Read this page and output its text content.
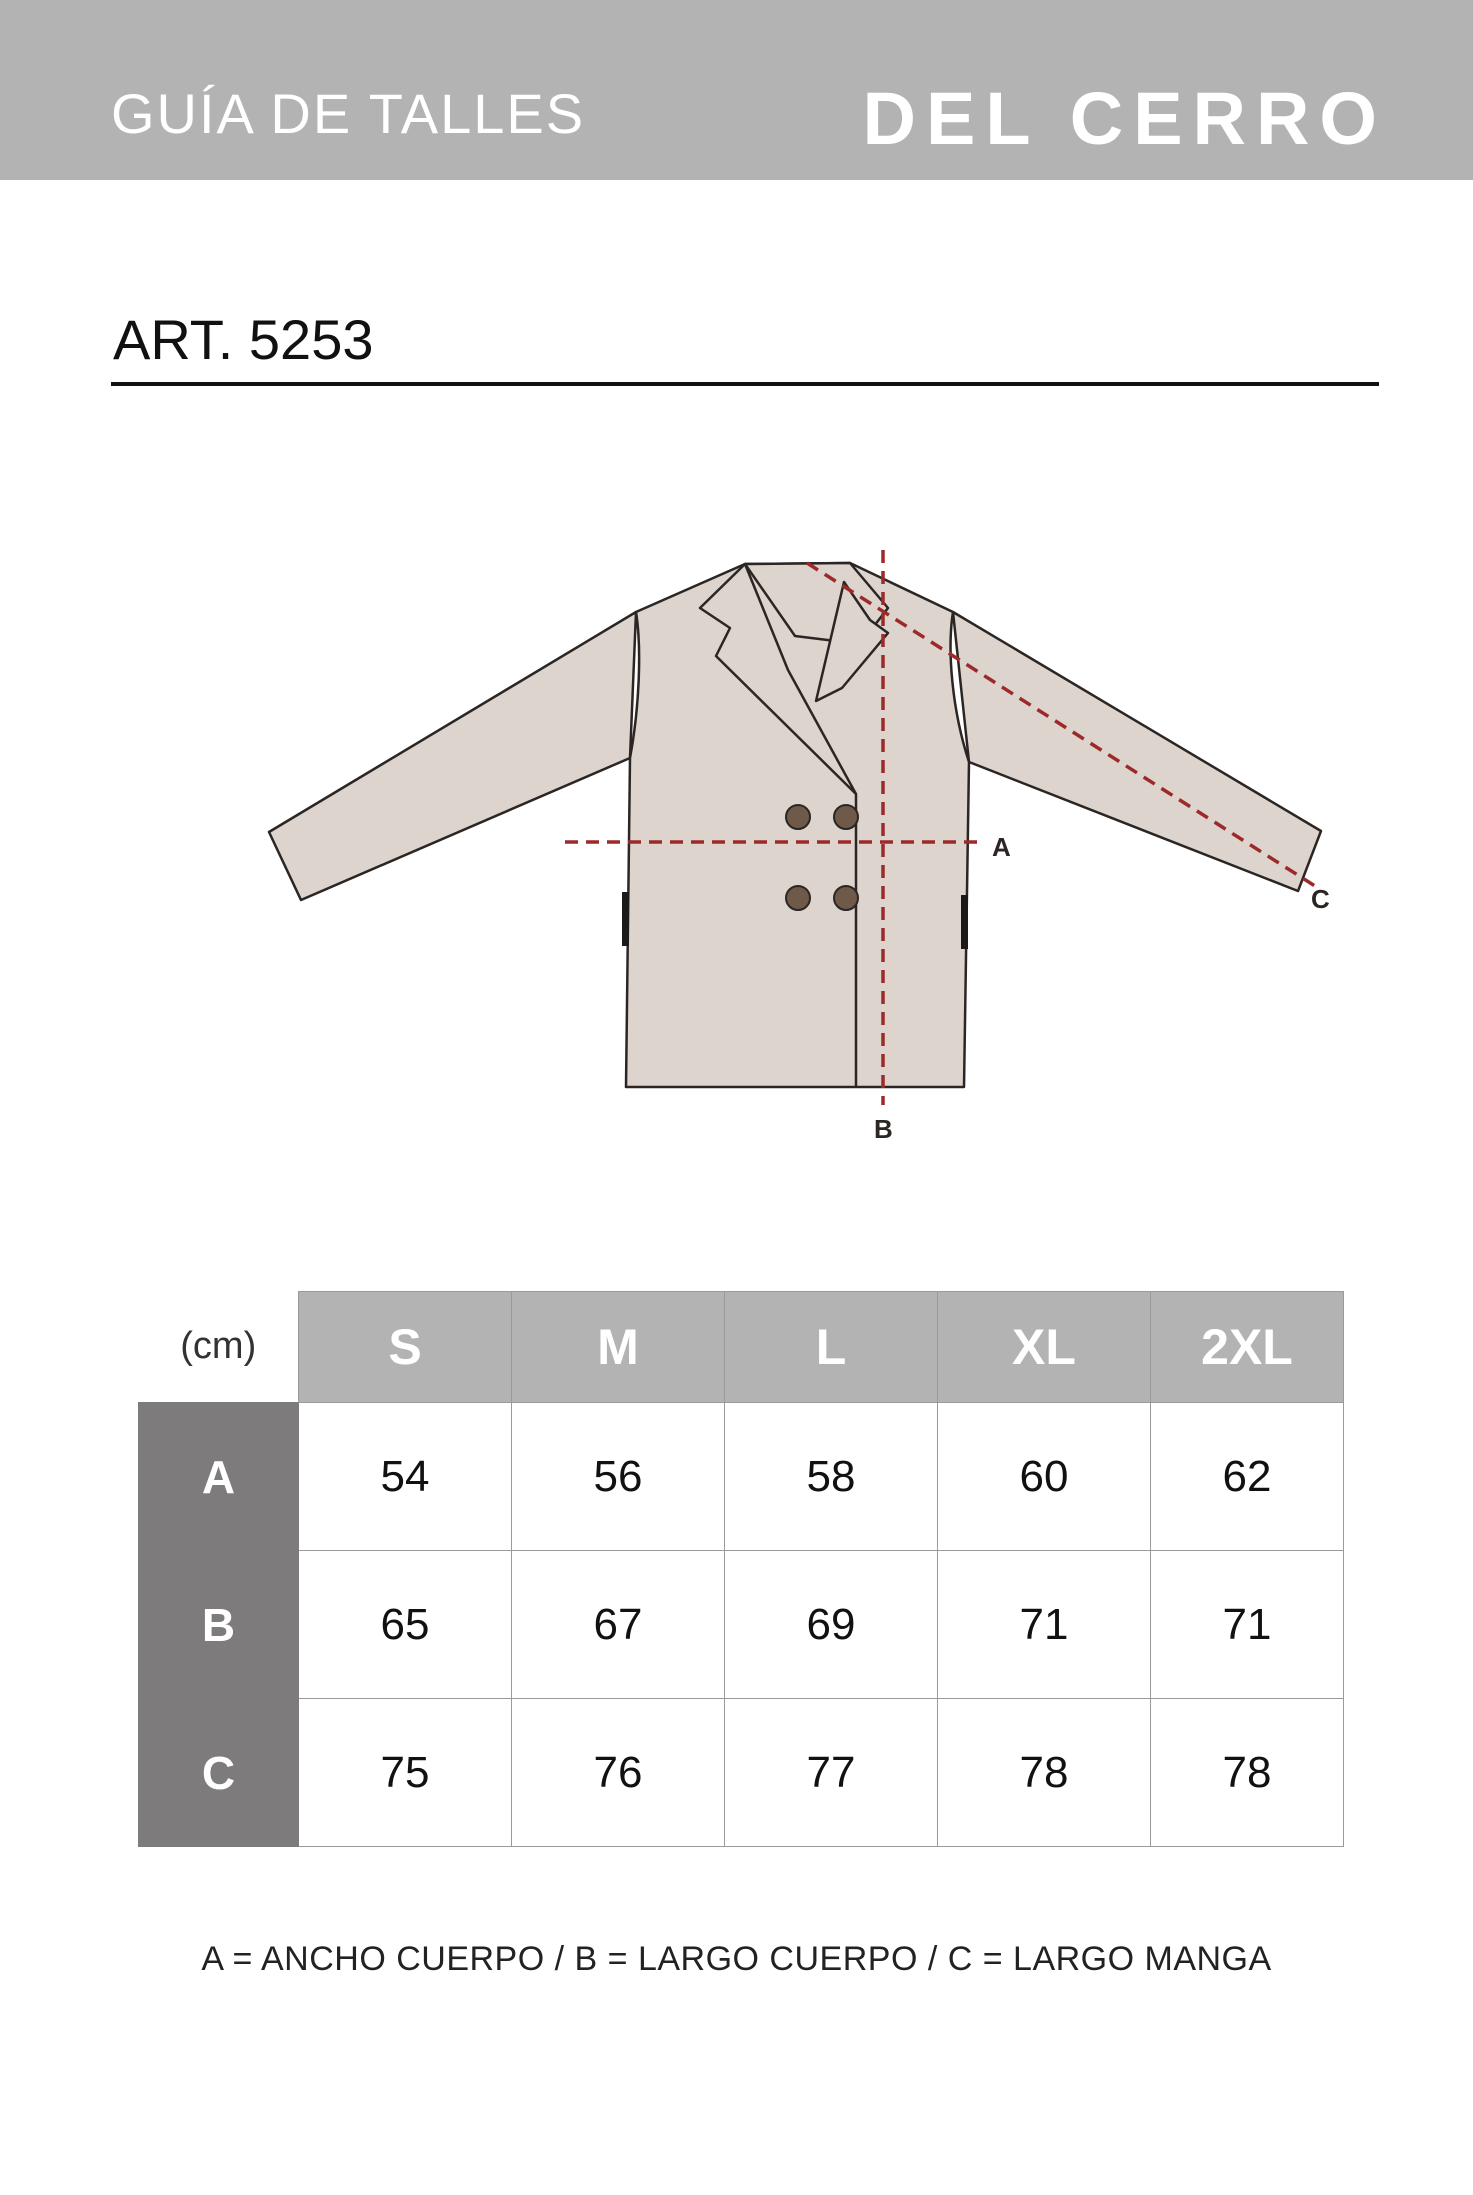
GUÍA DE TALLES	DEL CERRO
ART. 5253
A
B
C
(cm)	S	M	L	XL	2XL
A	54	56	58	60	62
B	65	67	69	71	71
C	75	76	77	78	78
A = ANCHO CUERPO / B = LARGO CUERPO / C = LARGO MANGA
